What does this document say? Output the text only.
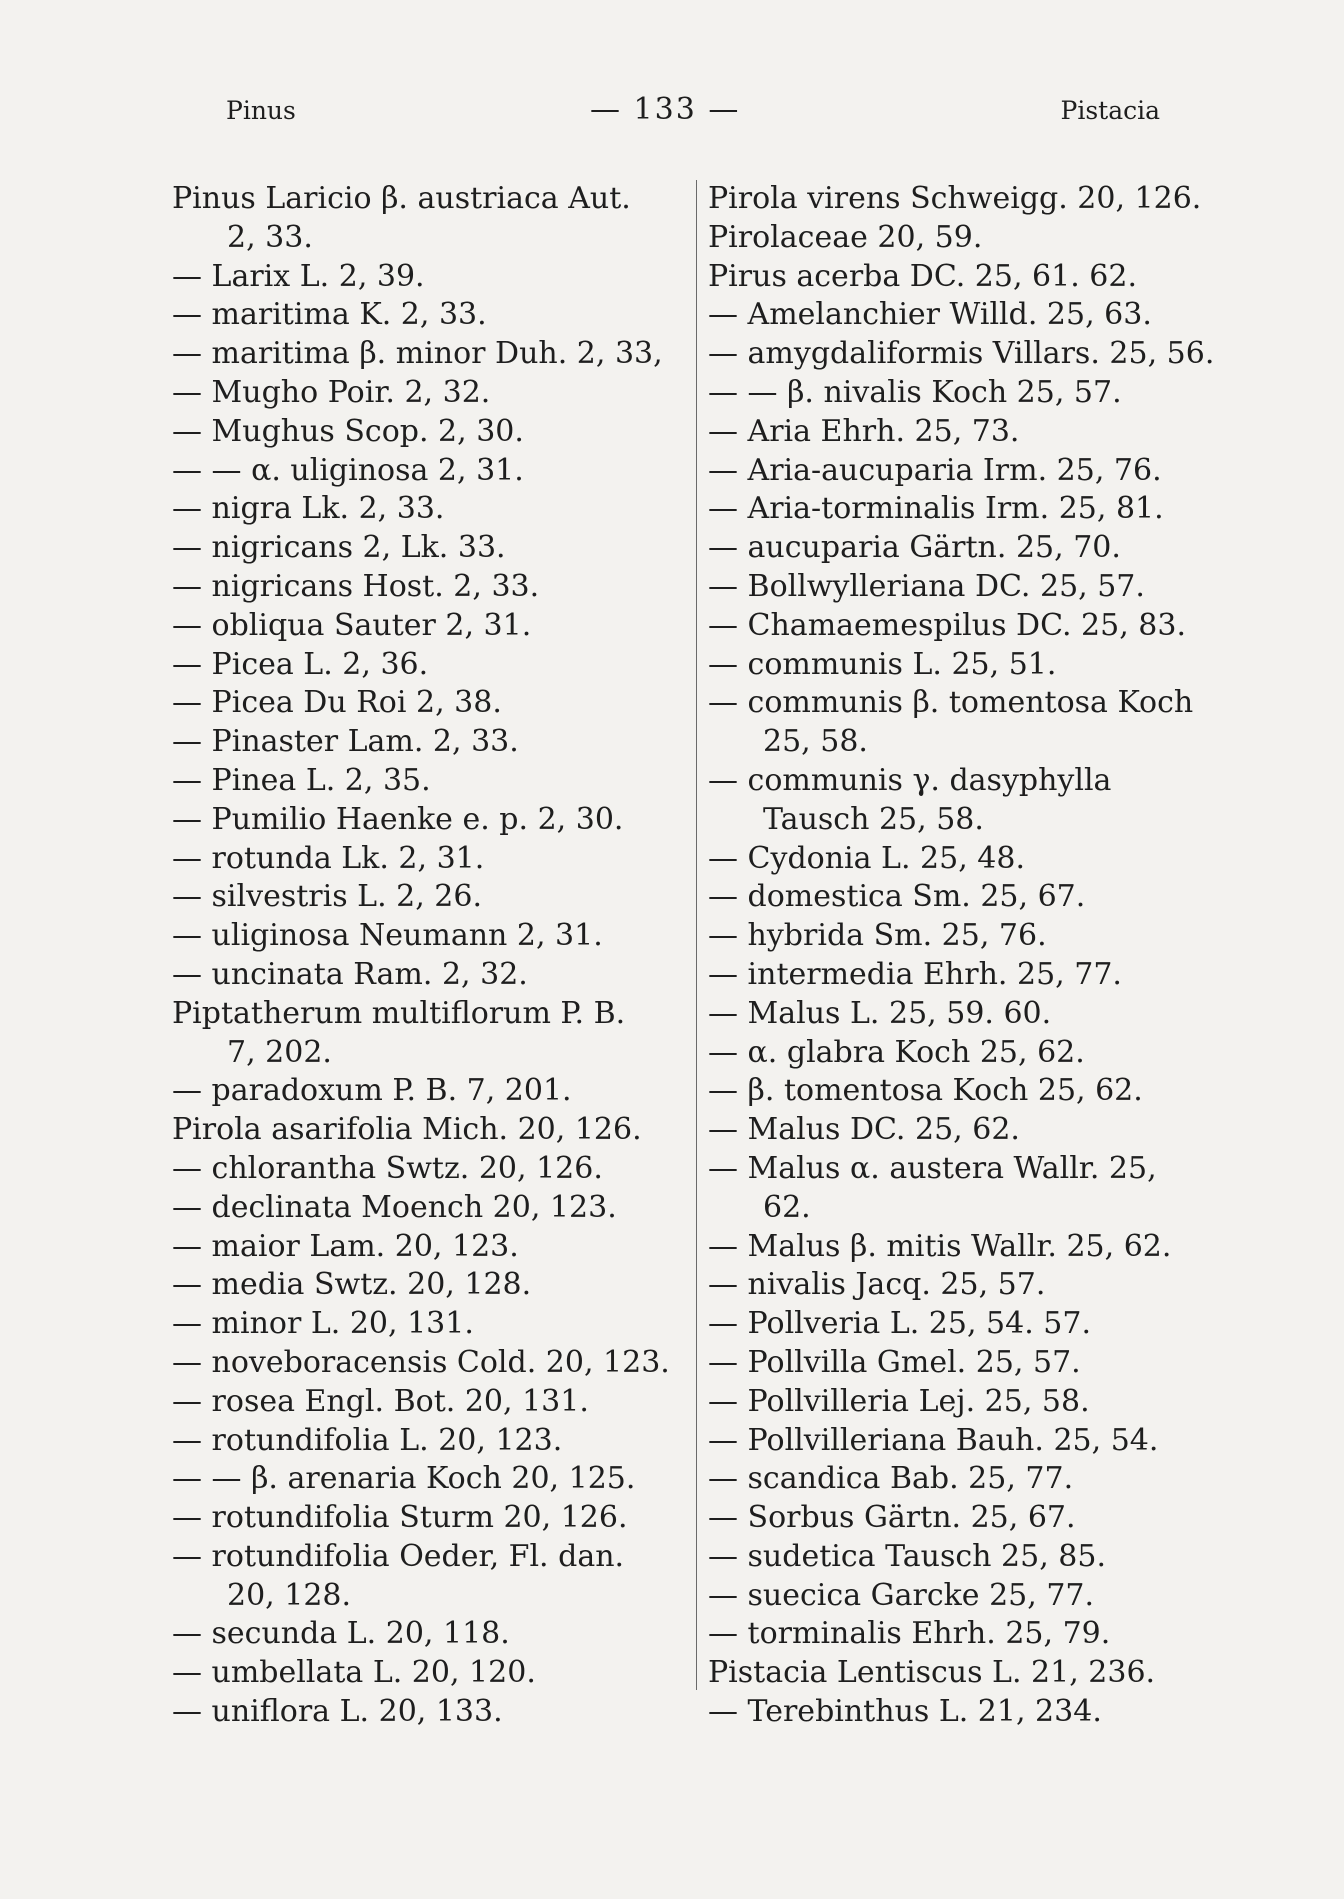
Pinus	— 133 —	Pistacia
Pinus Laricio β. austriaca Aut.
2, 33.
— Larix L. 2, 39.
— maritima K. 2, 33.
— maritima β. minor Duh. 2, 33,
— Mugho Poir. 2, 32.
— Mughus Scop. 2, 30.
— — α. uliginosa 2, 31.
— nigra Lk. 2, 33.
— nigricans 2, Lk. 33.
— nigricans Host. 2, 33.
— obliqua Sauter 2, 31.
— Picea L. 2, 36.
— Picea Du Roi 2, 38.
— Pinaster Lam. 2, 33.
— Pinea L. 2, 35.
— Pumilio Haenke e. p. 2, 30.
— rotunda Lk. 2, 31.
— silvestris L. 2, 26.
— uliginosa Neumann 2, 31.
— uncinata Ram. 2, 32.
Piptatherum multiflorum P. B.
7, 202.
— paradoxum P. B. 7, 201.
Pirola asarifolia Mich. 20, 126.
— chlorantha Swtz. 20, 126.
— declinata Moench 20, 123.
— maior Lam. 20, 123.
— media Swtz. 20, 128.
— minor L. 20, 131.
— noveboracensis Cold. 20, 123.
— rosea Engl. Bot. 20, 131.
— rotundifolia L. 20, 123.
— — β. arenaria Koch 20, 125.
— rotundifolia Sturm 20, 126.
— rotundifolia Oeder, Fl. dan.
20, 128.
— secunda L. 20, 118.
— umbellata L. 20, 120.
— uniflora L. 20, 133.
Pirola virens Schweigg. 20, 126.
Pirolaceae 20, 59.
Pirus acerba DC. 25, 61. 62.
— Amelanchier Willd. 25, 63.
— amygdaliformis Villars. 25, 56.
— — β. nivalis Koch 25, 57.
— Aria Ehrh. 25, 73.
— Aria-aucuparia Irm. 25, 76.
— Aria-torminalis Irm. 25, 81.
— aucuparia Gärtn. 25, 70.
— Bollwylleriana DC. 25, 57.
— Chamaemespilus DC. 25, 83.
— communis L. 25, 51.
— communis β. tomentosa Koch
25, 58.
— communis γ. dasyphylla
Tausch 25, 58.
— Cydonia L. 25, 48.
— domestica Sm. 25, 67.
— hybrida Sm. 25, 76.
— intermedia Ehrh. 25, 77.
— Malus L. 25, 59. 60.
— α. glabra Koch 25, 62.
— β. tomentosa Koch 25, 62.
— Malus DC. 25, 62.
— Malus α. austera Wallr. 25,
62.
— Malus β. mitis Wallr. 25, 62.
— nivalis Jacq. 25, 57.
— Pollveria L. 25, 54. 57.
— Pollvilla Gmel. 25, 57.
— Pollvilleria Lej. 25, 58.
— Pollvilleriana Bauh. 25, 54.
— scandica Bab. 25, 77.
— Sorbus Gärtn. 25, 67.
— sudetica Tausch 25, 85.
— suecica Garcke 25, 77.
— torminalis Ehrh. 25, 79.
Pistacia Lentiscus L. 21, 236.
— Terebinthus L. 21, 234.
